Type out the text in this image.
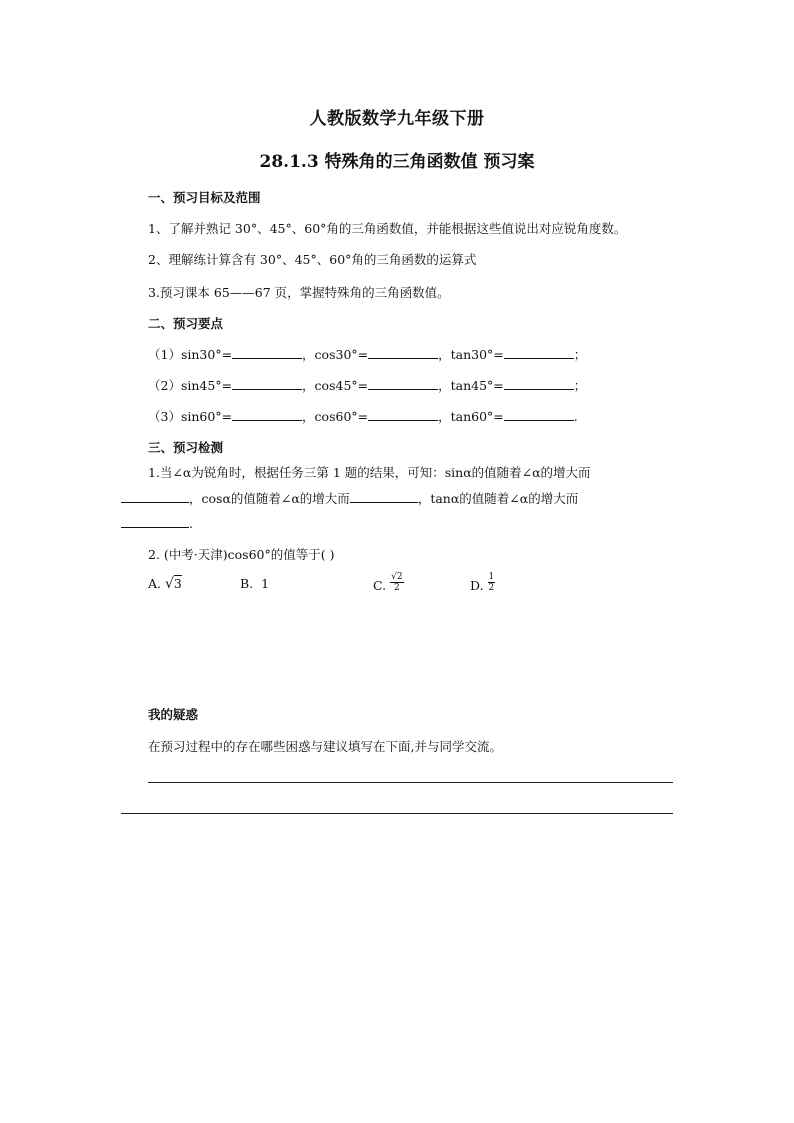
人教版数学九年级下册
28.1.3 特殊角的三角函数值 预习案
一、预习目标及范围
1、了解并熟记 30°、45°、60°角的三角函数值，并能根据这些值说出对应锐角度数。
2、理解练计算含有 30°、45°、60°角的三角函数的运算式
3.预习课本 65——67 页，掌握特殊角的三角函数值。
二、预习要点
（1）sin30°=	，cos30°=	，tan30°=	；
（2）sin45°=	，cos45°=	，tan45°=	；
（3）sin60°=	，cos60°=	，tan60°=	.
三、预习检测
1.当∠α为锐角时，根据任务三第 1 题的结果，可知：sinα的值随着∠α的增大而
，cosα的值随着∠α的增大而	，tanα的值随着∠α的增大而
.
2. (中考·天津)cos60°的值等于( )
A. √3	B. 1	C. $\frac{√2}{2}$	D. $\frac{1}{2}$
我的疑惑
在预习过程中的存在哪些困惑与建议填写在下面,并与同学交流。
